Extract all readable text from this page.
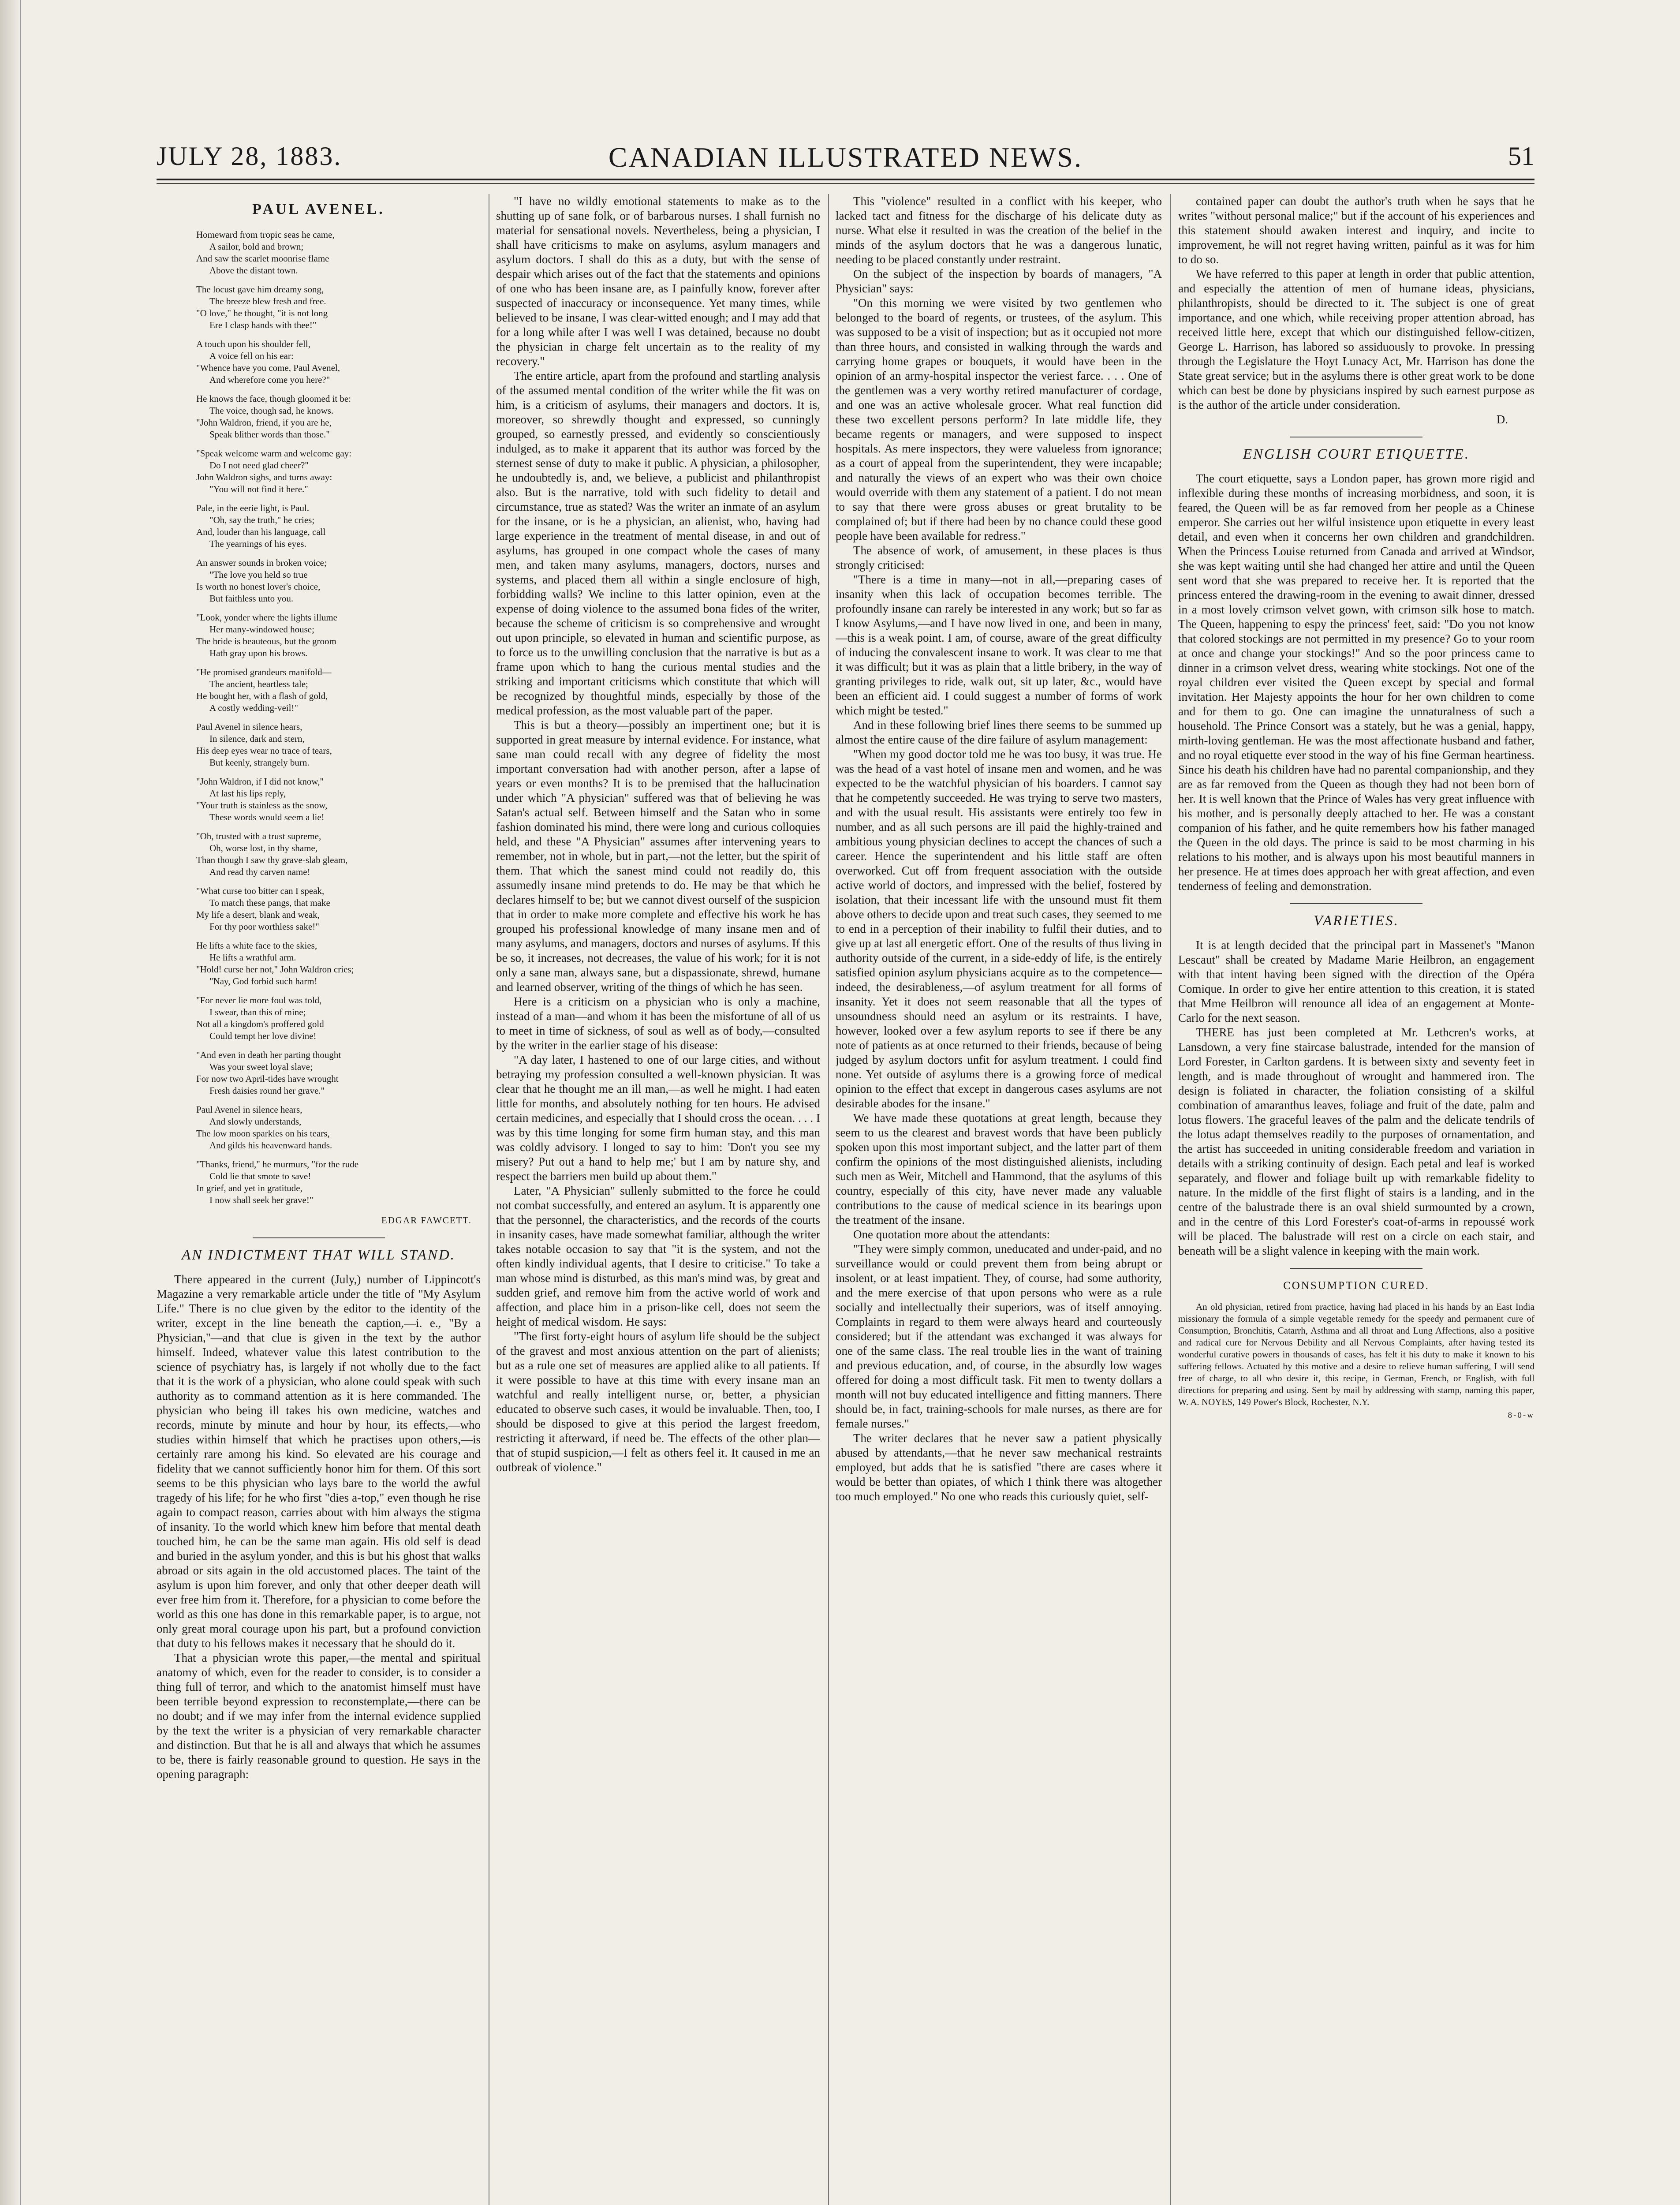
JULY 28, 1883.	CANADIAN ILLUSTRATED NEWS.	51
PAUL AVENEL.
Homeward from tropic seas he came,
A sailor, bold and brown;
And saw the scarlet moonrise flame
Above the distant town.
The locust gave him dreamy song,
The breeze blew fresh and free.
"O love," he thought, "it is not long
Ere I clasp hands with thee!"
A touch upon his shoulder fell,
A voice fell on his ear:
"Whence have you come, Paul Avenel,
And wherefore come you here?"
He knows the face, though gloomed it be:
The voice, though sad, he knows.
"John Waldron, friend, if you are he,
Speak blither words than those."
"Speak welcome warm and welcome gay:
Do I not need glad cheer?"
John Waldron sighs, and turns away:
"You will not find it here."
Pale, in the eerie light, is Paul.
"Oh, say the truth," he cries;
And, louder than his language, call
The yearnings of his eyes.
An answer sounds in broken voice;
"The love you held so true
Is worth no honest lover's choice,
But faithless unto you.
"Look, yonder where the lights illume
Her many-windowed house;
The bride is beauteous, but the groom
Hath gray upon his brows.
"He promised grandeurs manifold—
The ancient, heartless tale;
He bought her, with a flash of gold,
A costly wedding-veil!"
Paul Avenel in silence hears,
In silence, dark and stern,
His deep eyes wear no trace of tears,
But keenly, strangely burn.
"John Waldron, if I did not know,"
At last his lips reply,
"Your truth is stainless as the snow,
These words would seem a lie!
"Oh, trusted with a trust supreme,
Oh, worse lost, in thy shame,
Than though I saw thy grave-slab gleam,
And read thy carven name!
"What curse too bitter can I speak,
To match these pangs, that make
My life a desert, blank and weak,
For thy poor worthless sake!"
He lifts a white face to the skies,
He lifts a wrathful arm.
"Hold! curse her not," John Waldron cries;
"Nay, God forbid such harm!
"For never lie more foul was told,
I swear, than this of mine;
Not all a kingdom's proffered gold
Could tempt her love divine!
"And even in death her parting thought
Was your sweet loyal slave;
For now two April-tides have wrought
Fresh daisies round her grave."
Paul Avenel in silence hears,
And slowly understands,
The low moon sparkles on his tears,
And gilds his heavenward hands.
"Thanks, friend," he murmurs, "for the rude
Cold lie that smote to save!
In grief, and yet in gratitude,
I now shall seek her grave!"
EDGAR FAWCETT.
AN INDICTMENT THAT WILL STAND.

There appeared in the current (July,) number of Lippincott's Magazine a very remarkable article under the title of "My Asylum Life." There is no clue given by the editor to the identity of the writer, except in the line beneath the caption,—i. e., "By a Physician,"—and that clue is given in the text by the author himself. Indeed, whatever value this latest contribution to the science of psychiatry has, is largely if not wholly due to the fact that it is the work of a physician, who alone could speak with such authority as to command attention as it is here commanded. The physician who being ill takes his own medicine, watches and records, minute by minute and hour by hour, its effects,—who studies within himself that which he practises upon others,—is certainly rare among his kind. So elevated are his courage and fidelity that we cannot sufficiently honor him for them. Of this sort seems to be this physician who lays bare to the world the awful tragedy of his life; for he who first "dies a-top," even though he rise again to compact reason, carries about with him always the stigma of insanity. To the world which knew him before that mental death touched him, he can be the same man again. His old self is dead and buried in the asylum yonder, and this is but his ghost that walks abroad or sits again in the old accustomed places. The taint of the asylum is upon him forever, and only that other deeper death will ever free him from it. Therefore, for a physician to come before the world as this one has done in this remarkable paper, is to argue, not only great moral courage upon his part, but a profound conviction that duty to his fellows makes it necessary that he should do it.

That a physician wrote this paper,—the mental and spiritual anatomy of which, even for the reader to consider, is to consider a thing full of terror, and which to the anatomist himself must have been terrible beyond expression to reconstemplate,—there can be no doubt; and if we may infer from the internal evidence supplied by the text the writer is a physician of very remarkable character and distinction. But that he is all and always that which he assumes to be, there is fairly reasonable ground to question. He says in the opening paragraph:

"I have no wildly emotional statements to make as to the shutting up of sane folk, or of barbarous nurses. I shall furnish no material for sensational novels. Nevertheless, being a physician, I shall have criticisms to make on asylums, asylum managers and asylum doctors. I shall do this as a duty, but with the sense of despair which arises out of the fact that the statements and opinions of one who has been insane are, as I painfully know, forever after suspected of inaccuracy or inconsequence. Yet many times, while believed to be insane, I was clear-witted enough; and I may add that for a long while after I was well I was detained, because no doubt the physician in charge felt uncertain as to the reality of my recovery."

The entire article, apart from the profound and startling analysis of the assumed mental condition of the writer while the fit was on him, is a criticism of asylums, their managers and doctors. It is, moreover, so shrewdly thought and expressed, so cunningly grouped, so earnestly pressed, and evidently so conscientiously indulged, as to make it apparent that its author was forced by the sternest sense of duty to make it public. A physician, a philosopher, he undoubtedly is, and, we believe, a publicist and philanthropist also. But is the narrative, told with such fidelity to detail and circumstance, true as stated? Was the writer an inmate of an asylum for the insane, or is he a physician, an alienist, who, having had large experience in the treatment of mental disease, in and out of asylums, has grouped in one compact whole the cases of many men, and taken many asylums, managers, doctors, nurses and systems, and placed them all within a single enclosure of high, forbidding walls? We incline to this latter opinion, even at the expense of doing violence to the assumed bona fides of the writer, because the scheme of criticism is so comprehensive and wrought out upon principle, so elevated in human and scientific purpose, as to force us to the unwilling conclusion that the narrative is but as a frame upon which to hang the curious mental studies and the striking and important criticisms which constitute that which will be recognized by thoughtful minds, especially by those of the medical profession, as the most valuable part of the paper.

This is but a theory—possibly an impertinent one; but it is supported in great measure by internal evidence. For instance, what sane man could recall with any degree of fidelity the most important conversation had with another person, after a lapse of years or even months? It is to be premised that the hallucination under which "A physician" suffered was that of believing he was Satan's actual self. Between himself and the Satan who in some fashion dominated his mind, there were long and curious colloquies held, and these "A Physician" assumes after intervening years to remember, not in whole, but in part,—not the letter, but the spirit of them. That which the sanest mind could not readily do, this assumedly insane mind pretends to do. He may be that which he declares himself to be; but we cannot divest ourself of the suspicion that in order to make more complete and effective his work he has grouped his professional knowledge of many insane men and of many asylums, and managers, doctors and nurses of asylums. If this be so, it increases, not decreases, the value of his work; for it is not only a sane man, always sane, but a dispassionate, shrewd, humane and learned observer, writing of the things of which he has seen.

Here is a criticism on a physician who is only a machine, instead of a man—and whom it has been the misfortune of all of us to meet in time of sickness, of soul as well as of body,—consulted by the writer in the earlier stage of his disease:

"A day later, I hastened to one of our large cities, and without betraying my profession consulted a well-known physician. It was clear that he thought me an ill man,—as well he might. I had eaten little for months, and absolutely nothing for ten hours. He advised certain medicines, and especially that I should cross the ocean. . . . I was by this time longing for some firm human stay, and this man was coldly advisory. I longed to say to him: 'Don't you see my misery? Put out a hand to help me;' but I am by nature shy, and respect the barriers men build up about them."

Later, "A Physician" sullenly submitted to the force he could not combat successfully, and entered an asylum. It is apparently one that the personnel, the characteristics, and the records of the courts in insanity cases, have made somewhat familiar, although the writer takes notable occasion to say that "it is the system, and not the often kindly individual agents, that I desire to criticise." To take a man whose mind is disturbed, as this man's mind was, by great and sudden grief, and remove him from the active world of work and affection, and place him in a prison-like cell, does not seem the height of medical wisdom. He says:

"The first forty-eight hours of asylum life should be the subject of the gravest and most anxious attention on the part of alienists; but as a rule one set of measures are applied alike to all patients. If it were possible to have at this time with every insane man an watchful and really intelligent nurse, or, better, a physician educated to observe such cases, it would be invaluable. Then, too, I should be disposed to give at this period the largest freedom, restricting it afterward, if need be. The effects of the other plan—that of stupid suspicion,—I felt as others feel it. It caused in me an outbreak of violence."

This "violence" resulted in a conflict with his keeper, who lacked tact and fitness for the discharge of his delicate duty as nurse. What else it resulted in was the creation of the belief in the minds of the asylum doctors that he was a dangerous lunatic, needing to be placed constantly under restraint.

On the subject of the inspection by boards of managers, "A Physician" says:

"On this morning we were visited by two gentlemen who belonged to the board of regents, or trustees, of the asylum. This was supposed to be a visit of inspection; but as it occupied not more than three hours, and consisted in walking through the wards and carrying home grapes or bouquets, it would have been in the opinion of an army-hospital inspector the veriest farce. . . . One of the gentlemen was a very worthy retired manufacturer of cordage, and one was an active wholesale grocer. What real function did these two excellent persons perform? In late middle life, they became regents or managers, and were supposed to inspect hospitals. As mere inspectors, they were valueless from ignorance; as a court of appeal from the superintendent, they were incapable; and naturally the views of an expert who was their own choice would override with them any statement of a patient. I do not mean to say that there were gross abuses or great brutality to be complained of; but if there had been by no chance could these good people have been available for redress."

The absence of work, of amusement, in these places is thus strongly criticised:

"There is a time in many—not in all,—preparing cases of insanity when this lack of occupation becomes terrible. The profoundly insane can rarely be interested in any work; but so far as I know Asylums,—and I have now lived in one, and been in many,—this is a weak point. I am, of course, aware of the great difficulty of inducing the convalescent insane to work. It was clear to me that it was difficult; but it was as plain that a little bribery, in the way of granting privileges to ride, walk out, sit up later, &c., would have been an efficient aid. I could suggest a number of forms of work which might be tested."

And in these following brief lines there seems to be summed up almost the entire cause of the dire failure of asylum management:

"When my good doctor told me he was too busy, it was true. He was the head of a vast hotel of insane men and women, and he was expected to be the watchful physician of his boarders. I cannot say that he competently succeeded. He was trying to serve two masters, and with the usual result. His assistants were entirely too few in number, and as all such persons are ill paid the highly-trained and ambitious young physician declines to accept the chances of such a career. Hence the superintendent and his little staff are often overworked. Cut off from frequent association with the outside active world of doctors, and impressed with the belief, fostered by isolation, that their incessant life with the unsound must fit them above others to decide upon and treat such cases, they seemed to me to end in a perception of their inability to fulfil their duties, and to give up at last all energetic effort. One of the results of thus living in authority outside of the current, in a side-eddy of life, is the entirely satisfied opinion asylum physicians acquire as to the competence—indeed, the desirableness,—of asylum treatment for all forms of insanity. Yet it does not seem reasonable that all the types of unsoundness should need an asylum or its restraints. I have, however, looked over a few asylum reports to see if there be any note of patients as at once returned to their friends, because of being judged by asylum doctors unfit for asylum treatment. I could find none. Yet outside of asylums there is a growing force of medical opinion to the effect that except in dangerous cases asylums are not desirable abodes for the insane."

We have made these quotations at great length, because they seem to us the clearest and bravest words that have been publicly spoken upon this most important subject, and the latter part of them confirm the opinions of the most distinguished alienists, including such men as Weir, Mitchell and Hammond, that the asylums of this country, especially of this city, have never made any valuable contributions to the cause of medical science in its bearings upon the treatment of the insane.

One quotation more about the attendants:

"They were simply common, uneducated and under-paid, and no surveillance would or could prevent them from being abrupt or insolent, or at least impatient. They, of course, had some authority, and the mere exercise of that upon persons who were as a rule socially and intellectually their superiors, was of itself annoying. Complaints in regard to them were always heard and courteously considered; but if the attendant was exchanged it was always for one of the same class. The real trouble lies in the want of training and previous education, and, of course, in the absurdly low wages offered for doing a most difficult task. Fit men to twenty dollars a month will not buy educated intelligence and fitting manners. There should be, in fact, training-schools for male nurses, as there are for female nurses."

The writer declares that he never saw a patient physically abused by attendants,—that he never saw mechanical restraints employed, but adds that he is satisfied "there are cases where it would be better than opiates, of which I think there was altogether too much employed." No one who reads this curiously quiet, self-

contained paper can doubt the author's truth when he says that he writes "without personal malice;" but if the account of his experiences and this statement should awaken interest and inquiry, and incite to improvement, he will not regret having written, painful as it was for him to do so.

We have referred to this paper at length in order that public attention, and especially the attention of men of humane ideas, physicians, philanthropists, should be directed to it. The subject is one of great importance, and one which, while receiving proper attention abroad, has received little here, except that which our distinguished fellow-citizen, George L. Harrison, has labored so assiduously to provoke. In pressing through the Legislature the Hoyt Lunacy Act, Mr. Harrison has done the State great service; but in the asylums there is other great work to be done which can best be done by physicians inspired by such earnest purpose as is the author of the article under consideration.

D.
ENGLISH COURT ETIQUETTE.

The court etiquette, says a London paper, has grown more rigid and inflexible during these months of increasing morbidness, and soon, it is feared, the Queen will be as far removed from her people as a Chinese emperor. She carries out her wilful insistence upon etiquette in every least detail, and even when it concerns her own children and grandchildren. When the Princess Louise returned from Canada and arrived at Windsor, she was kept waiting until she had changed her attire and until the Queen sent word that she was prepared to receive her. It is reported that the princess entered the drawing-room in the evening to await dinner, dressed in a most lovely crimson velvet gown, with crimson silk hose to match. The Queen, happening to espy the princess' feet, said: "Do you not know that colored stockings are not permitted in my presence? Go to your room at once and change your stockings!" And so the poor princess came to dinner in a crimson velvet dress, wearing white stockings. Not one of the royal children ever visited the Queen except by special and formal invitation. Her Majesty appoints the hour for her own children to come and for them to go. One can imagine the unnaturalness of such a household. The Prince Consort was a stately, but he was a genial, happy, mirth-loving gentleman. He was the most affectionate husband and father, and no royal etiquette ever stood in the way of his fine German heartiness. Since his death his children have had no parental companionship, and they are as far removed from the Queen as though they had not been born of her. It is well known that the Prince of Wales has very great influence with his mother, and is personally deeply attached to her. He was a constant companion of his father, and he quite remembers how his father managed the Queen in the old days. The prince is said to be most charming in his relations to his mother, and is always upon his most beautiful manners in her presence. He at times does approach her with great affection, and even tenderness of feeling and demonstration.

VARIETIES.

It is at length decided that the principal part in Massenet's "Manon Lescaut" shall be created by Madame Marie Heilbron, an engagement with that intent having been signed with the direction of the Opéra Comique. In order to give her entire attention to this creation, it is stated that Mme Heilbron will renounce all idea of an engagement at Monte-Carlo for the next season.

THERE has just been completed at Mr. Lethcren's works, at Lansdown, a very fine staircase balustrade, intended for the mansion of Lord Forester, in Carlton gardens. It is between sixty and seventy feet in length, and is made throughout of wrought and hammered iron. The design is foliated in character, the foliation consisting of a skilful combination of amaranthus leaves, foliage and fruit of the date, palm and lotus flowers. The graceful leaves of the palm and the delicate tendrils of the lotus adapt themselves readily to the purposes of ornamentation, and the artist has succeeded in uniting considerable freedom and variation in details with a striking continuity of design. Each petal and leaf is worked separately, and flower and foliage built up with remarkable fidelity to nature. In the middle of the first flight of stairs is a landing, and in the centre of the balustrade there is an oval shield surmounted by a crown, and in the centre of this Lord Forester's coat-of-arms in repoussé work will be placed. The balustrade will rest on a circle on each stair, and beneath will be a slight valence in keeping with the main work.

CONSUMPTION CURED.

An old physician, retired from practice, having had placed in his hands by an East India missionary the formula of a simple vegetable remedy for the speedy and permanent cure of Consumption, Bronchitis, Catarrh, Asthma and all throat and Lung Affections, also a positive and radical cure for Nervous Debility and all Nervous Complaints, after having tested its wonderful curative powers in thousands of cases, has felt it his duty to make it known to his suffering fellows. Actuated by this motive and a desire to relieve human suffering, I will send free of charge, to all who desire it, this recipe, in German, French, or English, with full directions for preparing and using. Sent by mail by addressing with stamp, naming this paper, W. A. NOYES, 149 Power's Block, Rochester, N.Y.

8-0-w
